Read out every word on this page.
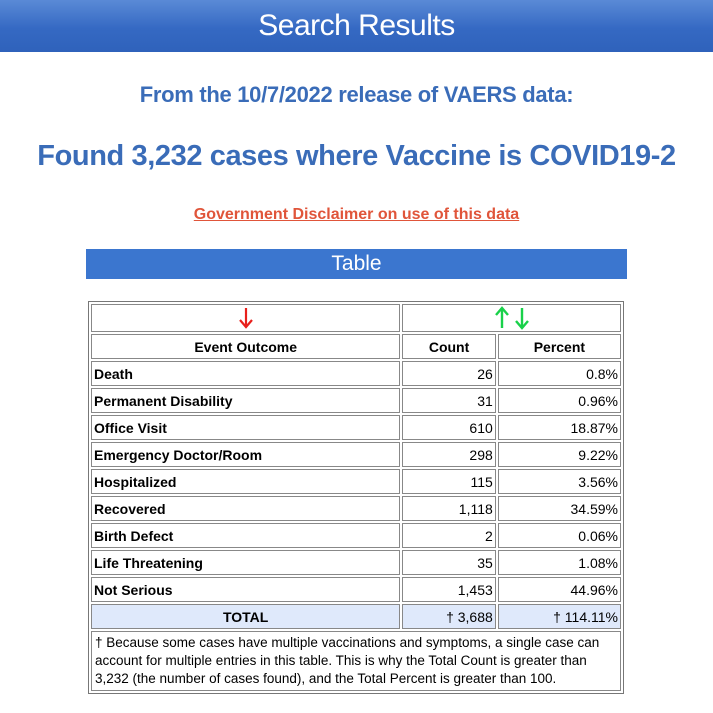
Search Results
From the 10/7/2022 release of VAERS data:
Found 3,232 cases where Vaccine is COVID19-2
Government Disclaimer on use of this data
Table

Event Outcome	Count	Percent
Death	26	0.8%
Permanent Disability	31	0.96%
Office Visit	610	18.87%
Emergency Doctor/Room	298	9.22%
Hospitalized	115	3.56%
Recovered	1,118	34.59%
Birth Defect	2	0.06%
Life Threatening	35	1.08%
Not Serious	1,453	44.96%
TOTAL	† 3,688	† 114.11%
† Because some cases have multiple vaccinations and symptoms, a single case can account for multiple entries in this table. This is why the Total Count is greater than 3,232 (the number of cases found), and the Total Percent is greater than 100.		
